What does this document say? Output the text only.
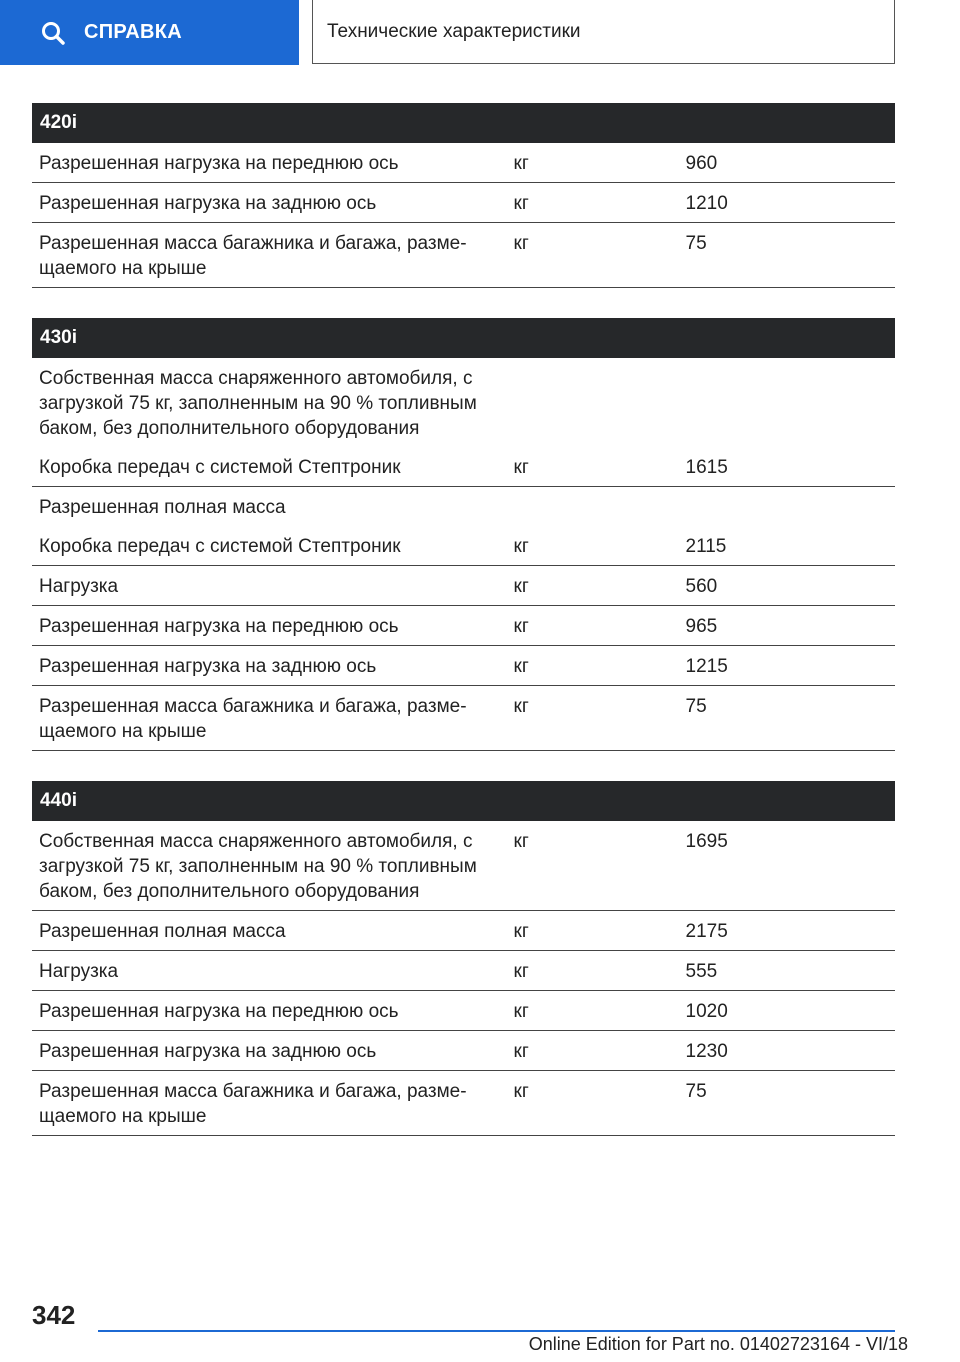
СПРАВКА	Технические характеристики
420i		
Разрешенная нагрузка на переднюю ось	кг	960
Разрешенная нагрузка на заднюю ось	кг	1210
Разрешенная масса багажника и багажа, разме-щаемого на крыше	кг	75
430i		
Собственная масса снаряженного автомобиля, с загрузкой 75 кг, заполненным на 90 % топливным баком, без дополнительного оборудования		
Коробка передач с системой Стептроник	кг	1615
Разрешенная полная масса		
Коробка передач с системой Стептроник	кг	2115
Нагрузка	кг	560
Разрешенная нагрузка на переднюю ось	кг	965
Разрешенная нагрузка на заднюю ось	кг	1215
Разрешенная масса багажника и багажа, разме-щаемого на крыше	кг	75
440i		
Собственная масса снаряженного автомобиля, с загрузкой 75 кг, заполненным на 90 % топливным баком, без дополнительного оборудования	кг	1695
Разрешенная полная масса	кг	2175
Нагрузка	кг	555
Разрешенная нагрузка на переднюю ось	кг	1020
Разрешенная нагрузка на заднюю ось	кг	1230
Разрешенная масса багажника и багажа, разме-щаемого на крыше	кг	75
342
Online Edition for Part no. 01402723164 - VI/18
